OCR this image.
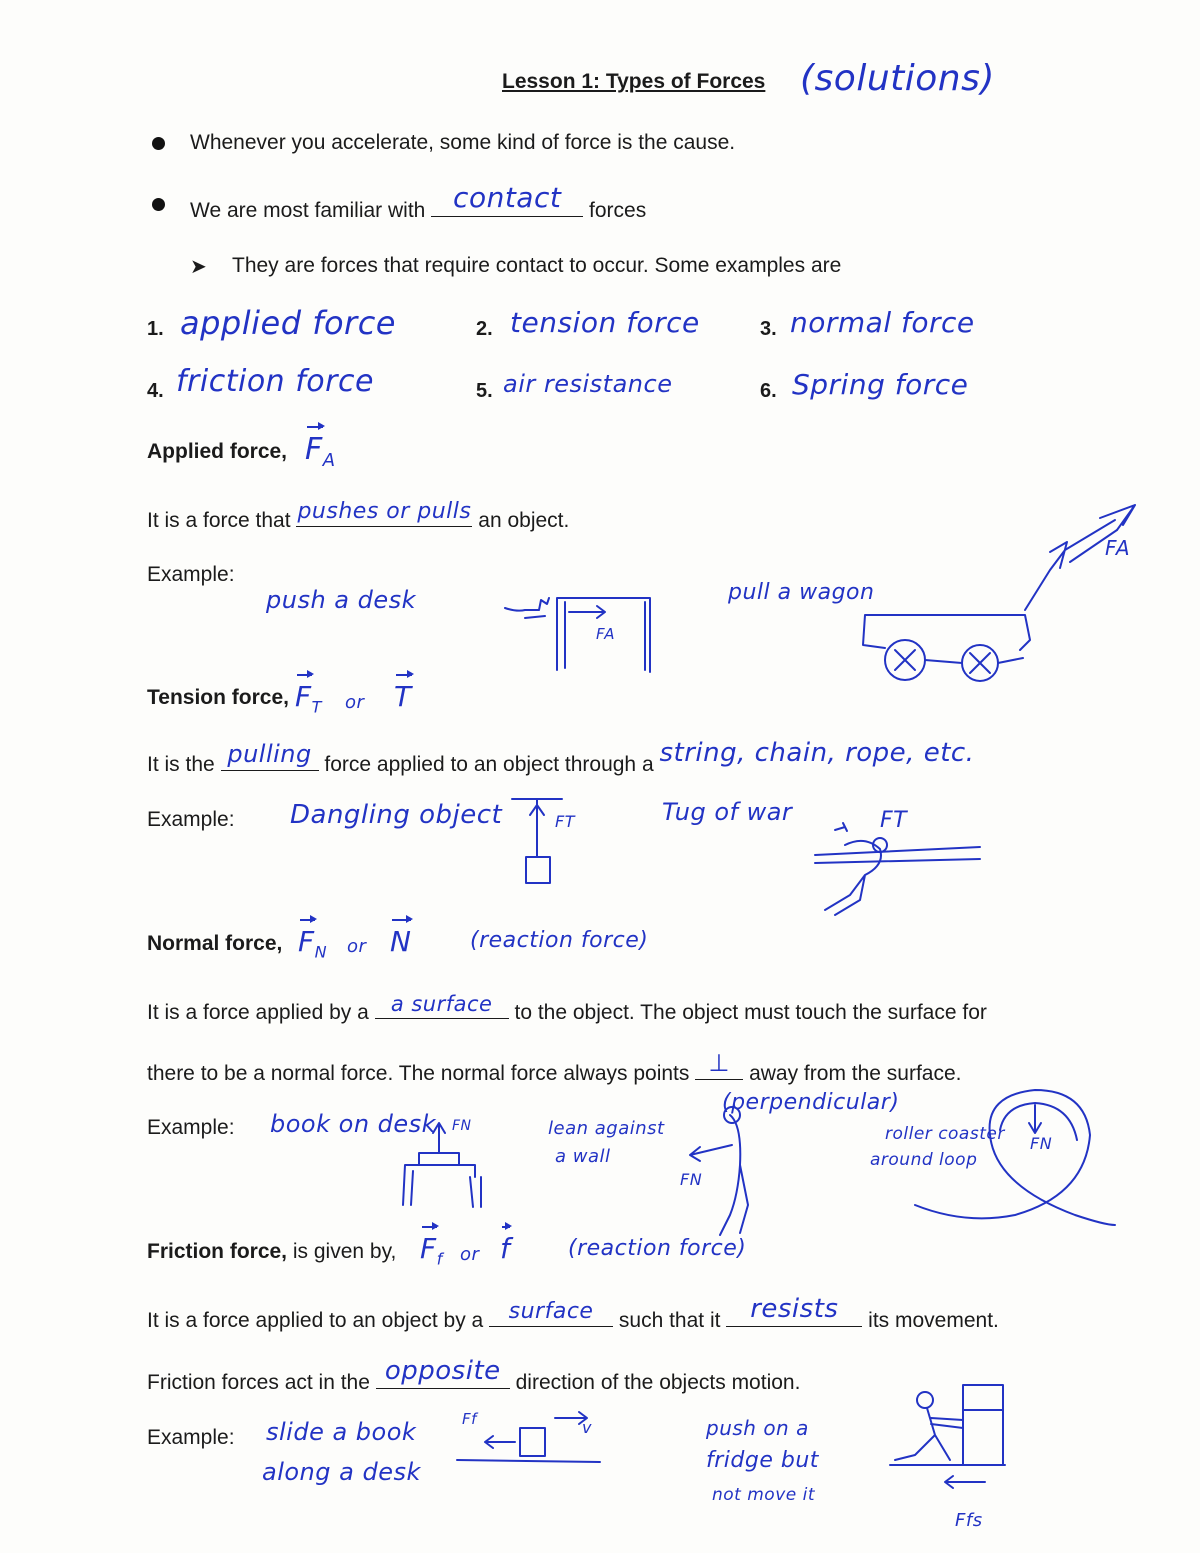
Lesson 1: Types of Forces (solutions)
Whenever you accelerate, some kind of force is the cause.
We are most familiar with contact	forces
➤ They are forces that require contact to occur. Some examples are
1. applied force	2. tension force	3. normal force
4. friction force	5. air resistance	6. Spring force
Applied force, $F_A$
It is a force that pushes or pulls an object.
Example:
push a desk	pull a wagon
FA
FA
Tension force, $F_T$ or T
It is the pulling force applied to an object through a string, chain, rope, etc.
Example: Dangling object	Tug of war
FT	FT
Normal force, $F_N$ or N	(reaction force)
It is a force applied by a	a surface	to the object. The object must touch the surface for
there to be a normal force. The normal force always points ⊥ away from the surface.
(perpendicular)
Example: book on desk	lean against
a wall
roller coaster
around loop
FN
FN
FN
Friction force, is given by, $F_f$ or f	(reaction force)
It is a force applied to an object by a	surface	such that it	resists	its movement.
Friction forces act in the opposite direction of the objects motion.
Example: slide a book
along a desk
Ff	v	push on a
fridge but
not move it
Ffs
